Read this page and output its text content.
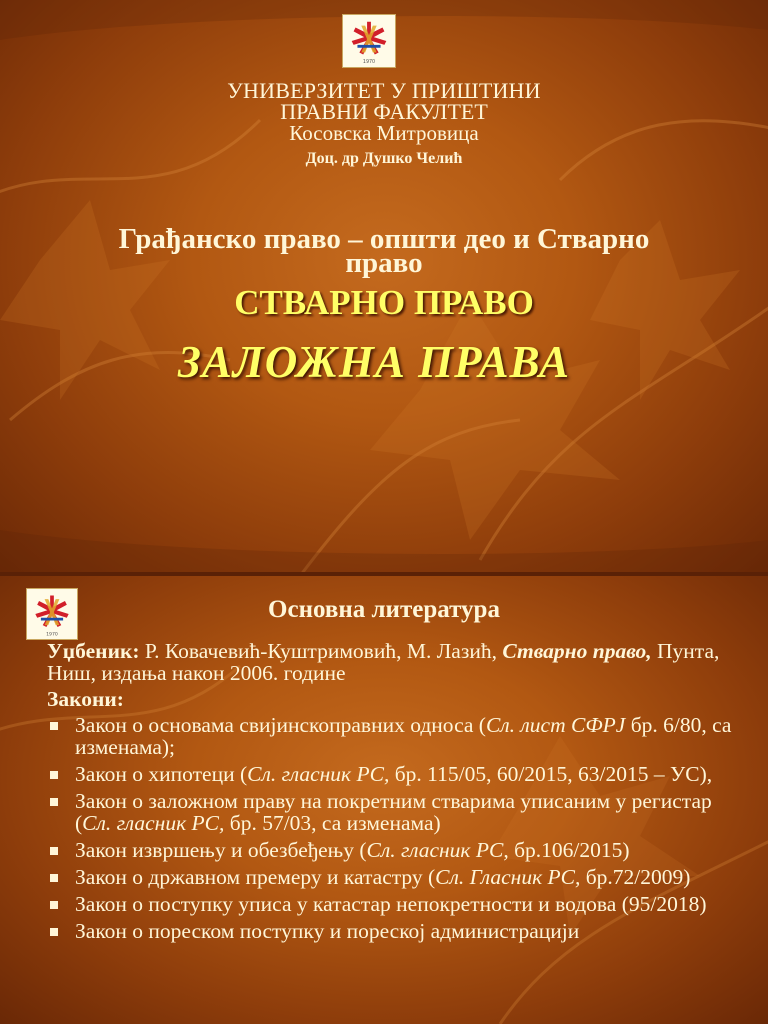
1970
УНИВЕРЗИТЕТ У ПРИШТИНИ
ПРАВНИ ФАКУЛТЕТ
Косовска Митровица
Доц. др Душко Челић
Грађанско право – општи део и Стварно
право
СТВАРНО ПРАВО
ЗАЛОЖНА ПРАВА
1970
Основна литература

Уџбеник: Р. Ковачевић-Куштримовић, М. Лазић, Стварно право, Пунта, Ниш, издања након 2006. године

Закони:

Закон о основама свијинскоправних односа (Сл. лист СФРЈ бр. 6/80, са изменама);
Закон о хипотеци (Сл. гласник РС, бр. 115/05, 60/2015, 63/2015 – УС),
Закон о заложном праву на покретним стварима уписаним у регистар (Сл. гласник РС, бр. 57/03, са изменама)
Закон извршењу и обезбеђењу (Сл. гласник РС, бр.106/2015)
Закон о државном премеру и катастру (Сл. Гласник РС, бр.72/2009)
Закон о поступку уписа у катастар непокретности и водова (95/2018)
Закон о пореском поступку и пореској администрацији
